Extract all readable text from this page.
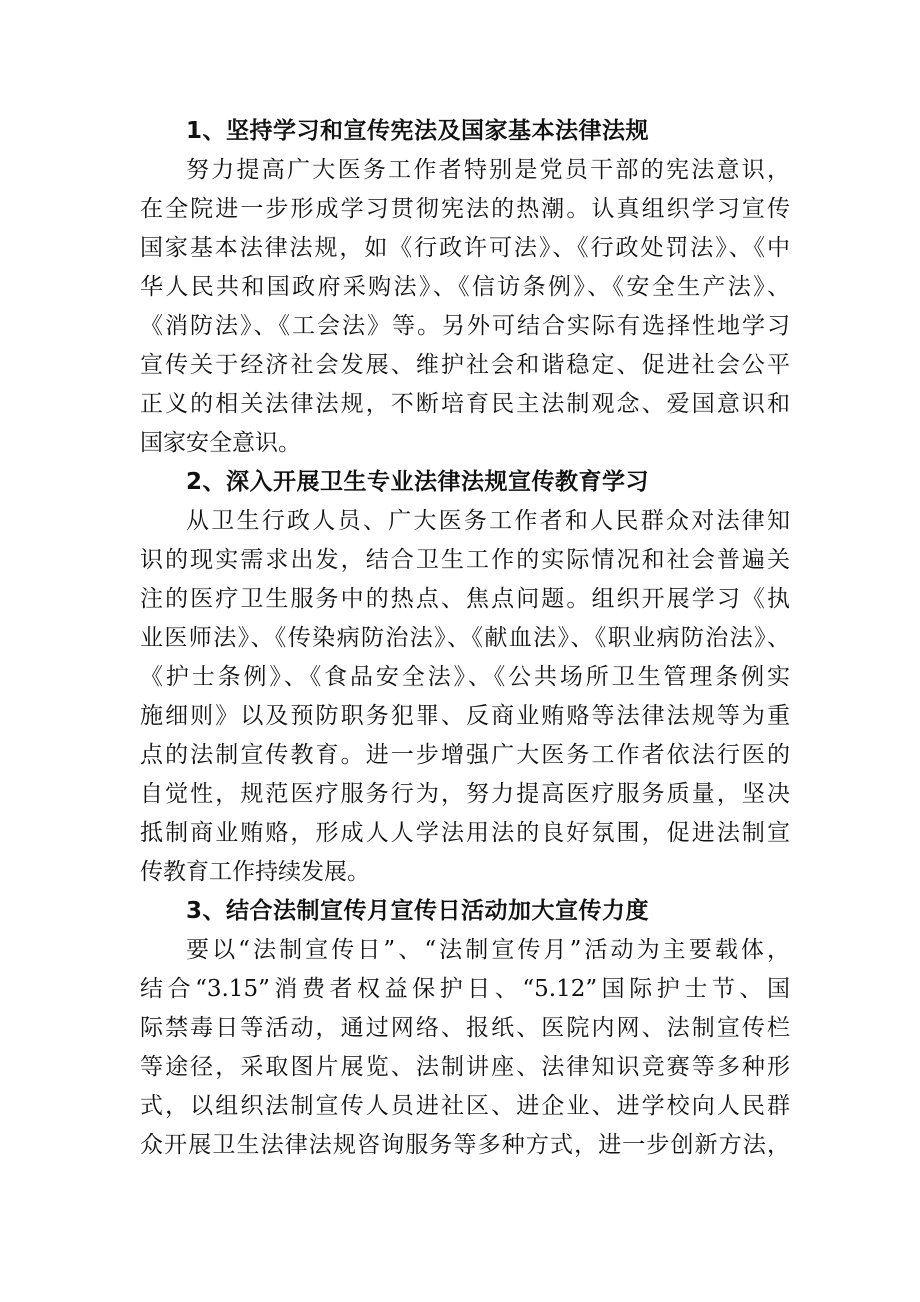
1、坚持学习和宣传宪法及国家基本法律法规
努力提高广大医务工作者特别是党员干部的宪法意识，
在全院进一步形成学习贯彻宪法的热潮。认真组织学习宣传
国家基本法律法规，如《行政许可法》、《行政处罚法》、《中
华人民共和国政府采购法》、《信访条例》、《安全生产法》、
《消防法》、《工会法》等。另外可结合实际有选择性地学习
宣传关于经济社会发展、维护社会和谐稳定、促进社会公平
正义的相关法律法规，不断培育民主法制观念、爱国意识和
国家安全意识。
2、深入开展卫生专业法律法规宣传教育学习
从卫生行政人员、广大医务工作者和人民群众对法律知
识的现实需求出发，结合卫生工作的实际情况和社会普遍关
注的医疗卫生服务中的热点、焦点问题。组织开展学习《执
业医师法》、《传染病防治法》、《献血法》、《职业病防治法》、
《护士条例》、《食品安全法》、《公共场所卫生管理条例实
施细则》以及预防职务犯罪、反商业贿赂等法律法规等为重
点的法制宣传教育。进一步增强广大医务工作者依法行医的
自觉性，规范医疗服务行为，努力提高医疗服务质量，坚决
抵制商业贿赂，形成人人学法用法的良好氛围，促进法制宣
传教育工作持续发展。
3、结合法制宣传月宣传日活动加大宣传力度
要以“法制宣传日”、“法制宣传月”活动为主要载体，
结合“3.15”消费者权益保护日、“5.12”国际护士节、国
际禁毒日等活动，通过网络、报纸、医院内网、法制宣传栏
等途径，采取图片展览、法制讲座、法律知识竞赛等多种形
式，以组织法制宣传人员进社区、进企业、进学校向人民群
众开展卫生法律法规咨询服务等多种方式，进一步创新方法，
